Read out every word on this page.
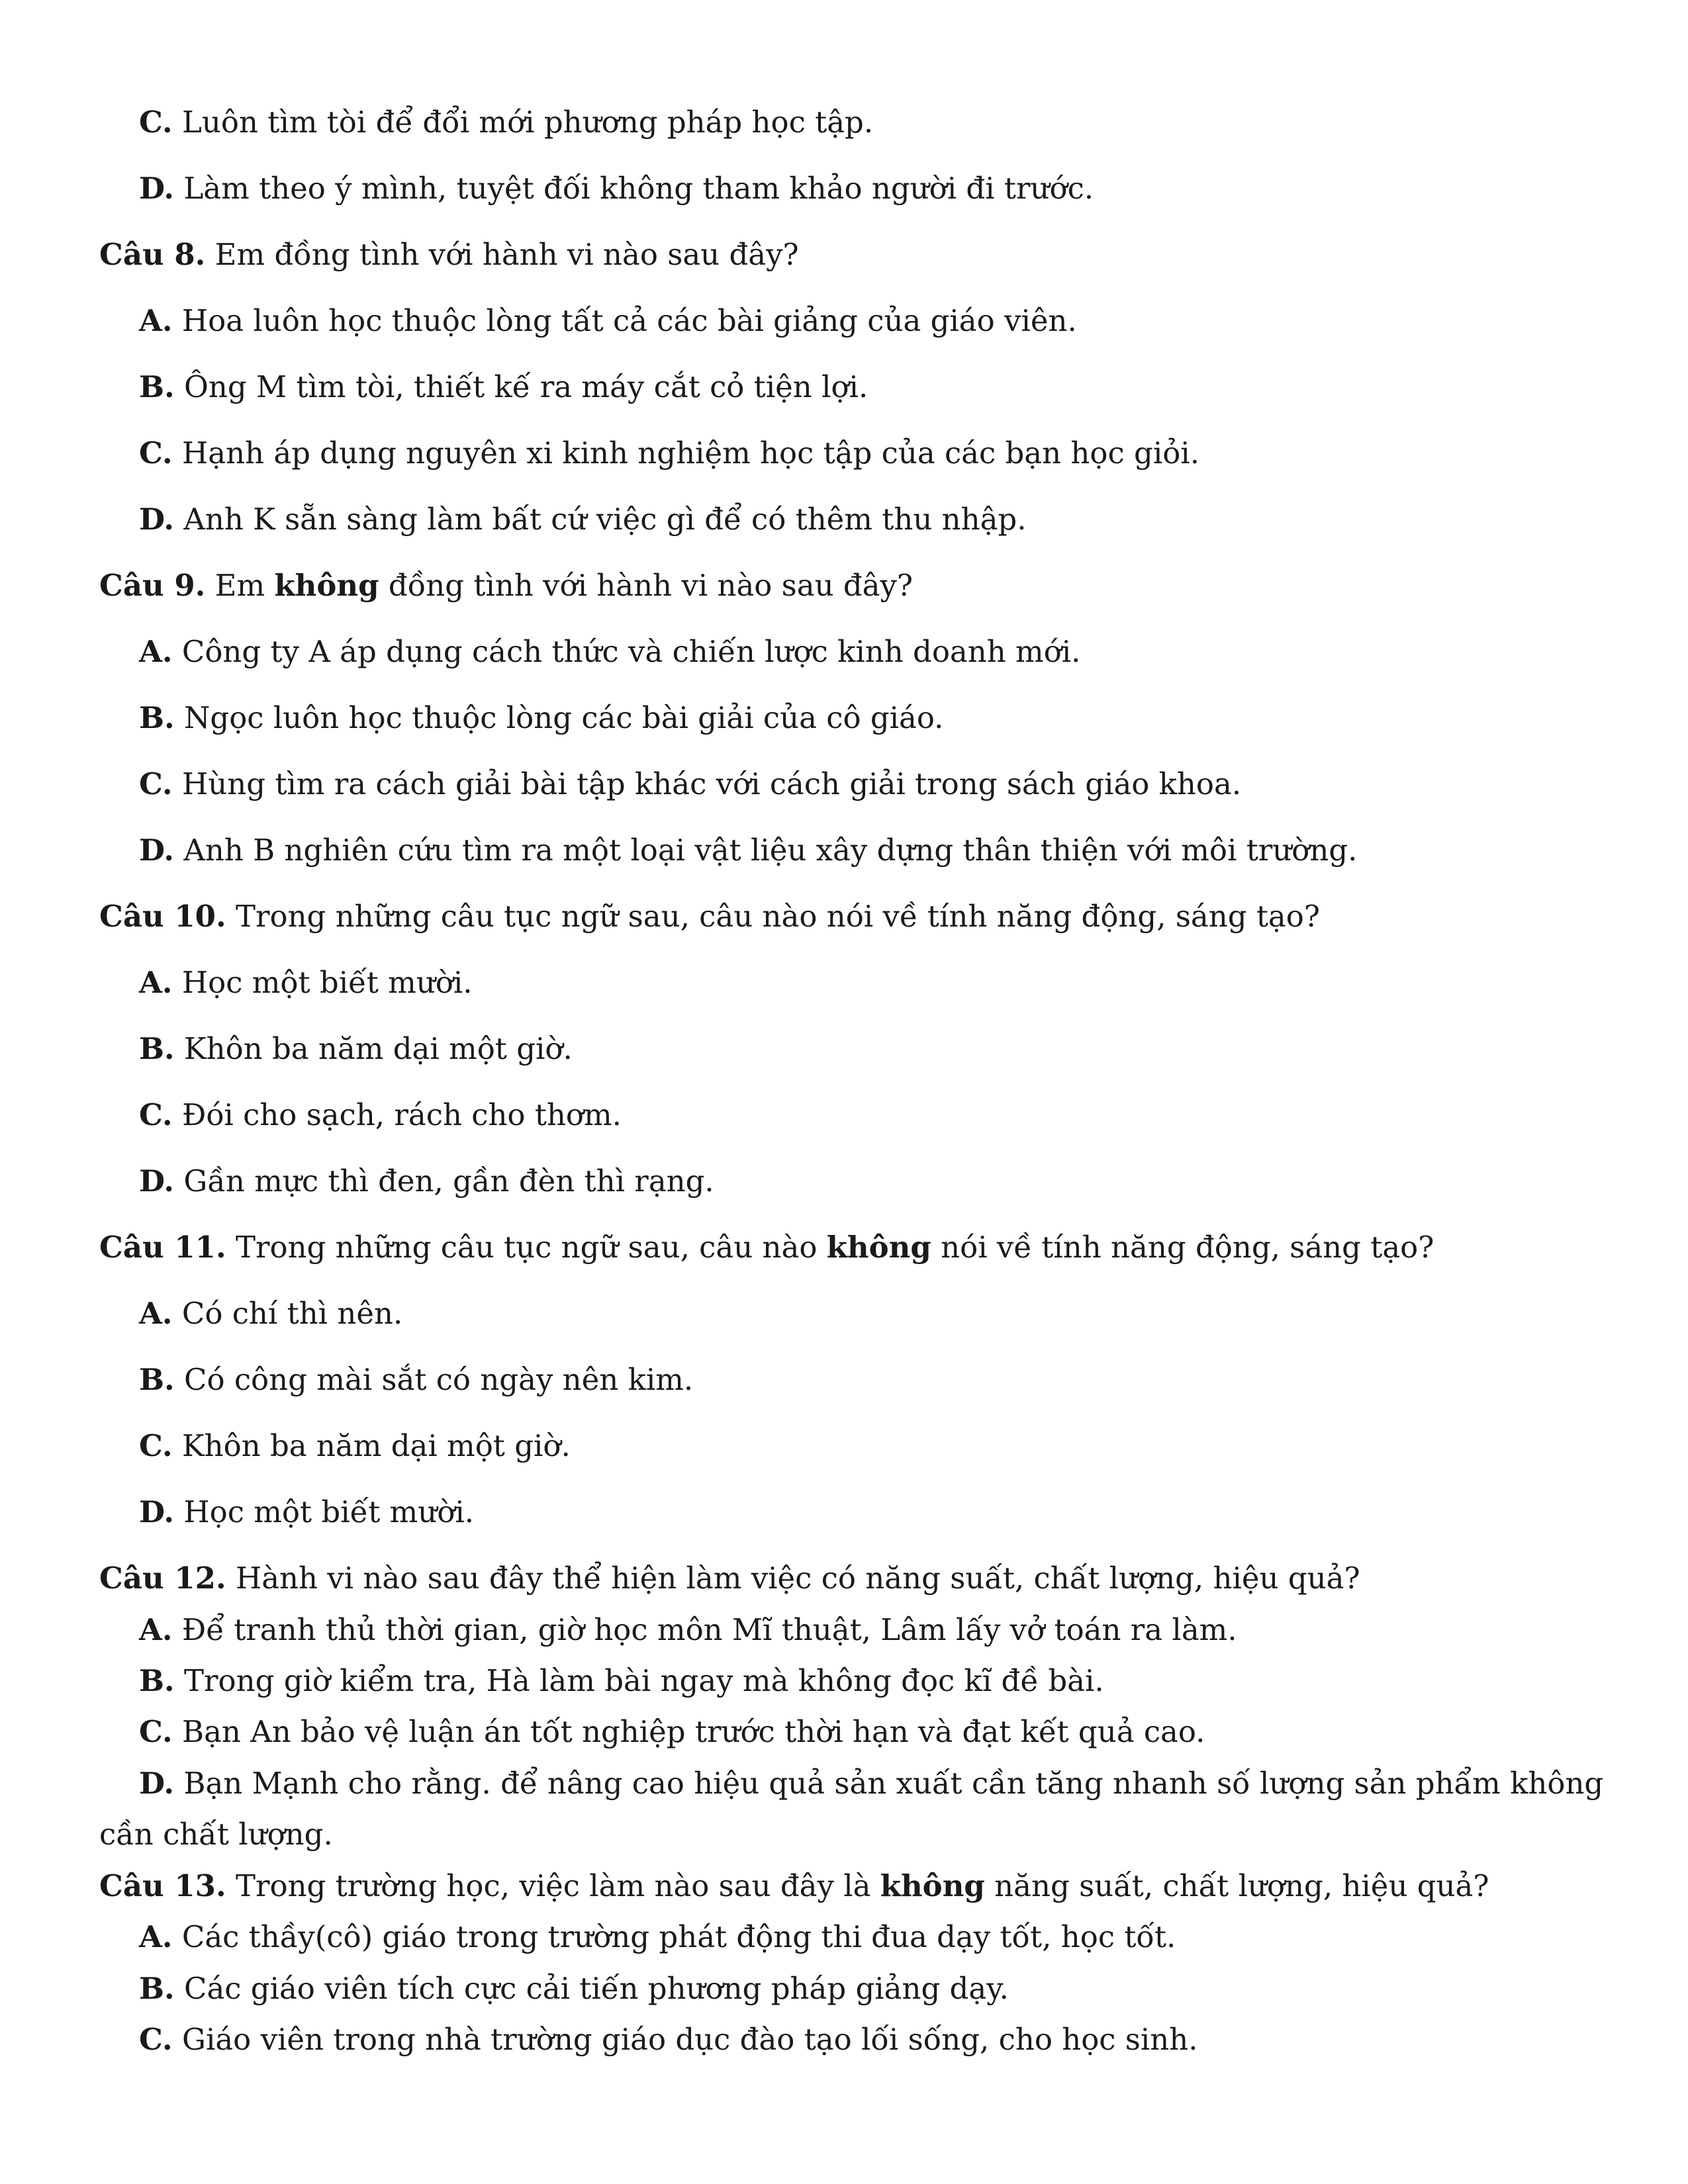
C. Luôn tìm tòi để đổi mới phương pháp học tập.
D. Làm theo ý mình, tuyệt đối không tham khảo người đi trước.
Câu 8. Em đồng tình với hành vi nào sau đây?
A. Hoa luôn học thuộc lòng tất cả các bài giảng của giáo viên.
B. Ông M tìm tòi, thiết kế ra máy cắt cỏ tiện lợi.
C. Hạnh áp dụng nguyên xi kinh nghiệm học tập của các bạn học giỏi.
D. Anh K sẵn sàng làm bất cứ việc gì để có thêm thu nhập.
Câu 9. Em không đồng tình với hành vi nào sau đây?
A. Công ty A áp dụng cách thức và chiến lược kinh doanh mới.
B. Ngọc luôn học thuộc lòng các bài giải của cô giáo.
C. Hùng tìm ra cách giải bài tập khác với cách giải trong sách giáo khoa.
D. Anh B nghiên cứu tìm ra một loại vật liệu xây dựng thân thiện với môi trường.
Câu 10. Trong những câu tục ngữ sau, câu nào nói về tính năng động, sáng tạo?
A. Học một biết mười.
B. Khôn ba năm dại một giờ.
C. Đói cho sạch, rách cho thơm.
D. Gần mực thì đen, gần đèn thì rạng.
Câu 11. Trong những câu tục ngữ sau, câu nào không nói về tính năng động, sáng tạo?
A. Có chí thì nên.
B. Có công mài sắt có ngày nên kim.
C. Khôn ba năm dại một giờ.
D. Học một biết mười.
Câu 12. Hành vi nào sau đây thể hiện làm việc có năng suất, chất lượng, hiệu quả?
A. Để tranh thủ thời gian, giờ học môn Mĩ thuật, Lâm lấy vở toán ra làm.
B. Trong giờ kiểm tra, Hà làm bài ngay mà không đọc kĩ đề bài.
C. Bạn An bảo vệ luận án tốt nghiệp trước thời hạn và đạt kết quả cao.
D. Bạn Mạnh cho rằng. để nâng cao hiệu quả sản xuất cần tăng nhanh số lượng sản phẩm không
cần chất lượng.
Câu 13. Trong trường học, việc làm nào sau đây là không năng suất, chất lượng, hiệu quả?
A. Các thầy(cô) giáo trong trường phát động thi đua dạy tốt, học tốt.
B. Các giáo viên tích cực cải tiến phương pháp giảng dạy.
C. Giáo viên trong nhà trường giáo dục đào tạo lối sống, cho học sinh.
